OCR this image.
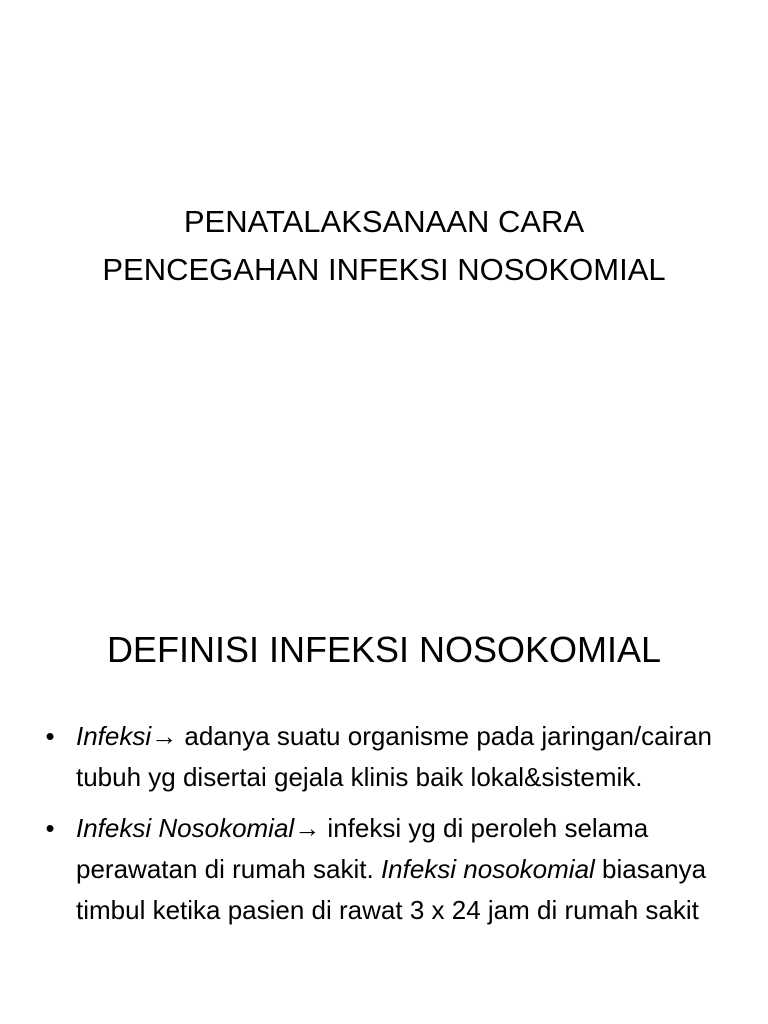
PENATALAKSANAAN CARA
PENCEGAHAN INFEKSI NOSOKOMIAL
DEFINISI INFEKSI NOSOKOMIAL
• Infeksi→ adanya suatu organisme pada jaringan/cairan tubuh yg disertai gejala klinis baik lokal&sistemik.
• Infeksi Nosokomial→ infeksi yg di peroleh selama perawatan di rumah sakit. Infeksi nosokomial biasanya timbul ketika pasien di rawat 3 x 24 jam di rumah sakit
